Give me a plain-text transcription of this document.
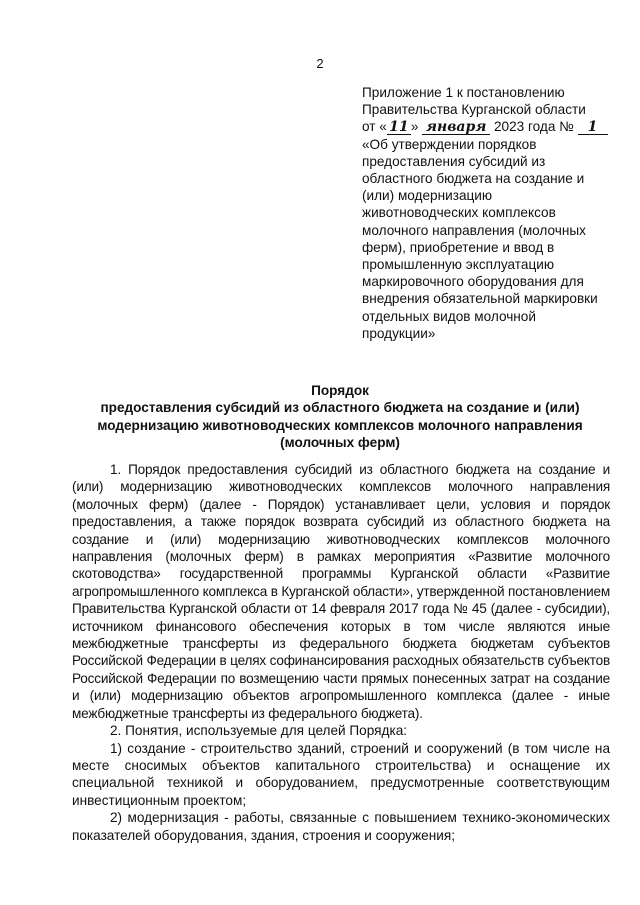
2
Приложение 1 к постановлению
Правительства Курганской области
от « 11 » января 2023 года № 1
«Об утверждении порядков
предоставления субсидий из
областного бюджета на создание и
(или) модернизацию
животноводческих комплексов
молочного направления (молочных
ферм), приобретение и ввод в
промышленную эксплуатацию
маркировочного оборудования для
внедрения обязательной маркировки
отдельных видов молочной
продукции»
Порядок
предоставления субсидий из областного бюджета на создание и (или)
модернизацию животноводческих комплексов молочного направления
(молочных ферм)

1. Порядок предоставления субсидий из областного бюджета на создание и (или) модернизацию животноводческих комплексов молочного направления (молочных ферм) (далее - Порядок) устанавливает цели, условия и порядок предоставления, а также порядок возврата субсидий из областного бюджета на создание и (или) модернизацию животноводческих комплексов молочного направления (молочных ферм) в рамках мероприятия «Развитие молочного скотоводства» государственной программы Курганской области «Развитие агропромышленного комплекса в Курганской области», утвержденной постановлением Правительства Курганской области от 14 февраля 2017 года № 45 (далее - субсидии), источником финансового обеспечения которых в том числе являются иные межбюджетные трансферты из федерального бюджета бюджетам субъектов Российской Федерации в целях софинансирования расходных обязательств субъектов Российской Федерации по возмещению части прямых понесенных затрат на создание и (или) модернизацию объектов агропромышленного комплекса (далее - иные межбюджетные трансферты из федерального бюджета).

2. Понятия, используемые для целей Порядка:

1) создание - строительство зданий, строений и сооружений (в том числе на месте сносимых объектов капитального строительства) и оснащение их специальной техникой и оборудованием, предусмотренные соответствующим инвестиционным проектом;

2) модернизация - работы, связанные с повышением технико-экономических показателей оборудования, здания, строения и сооружения;
